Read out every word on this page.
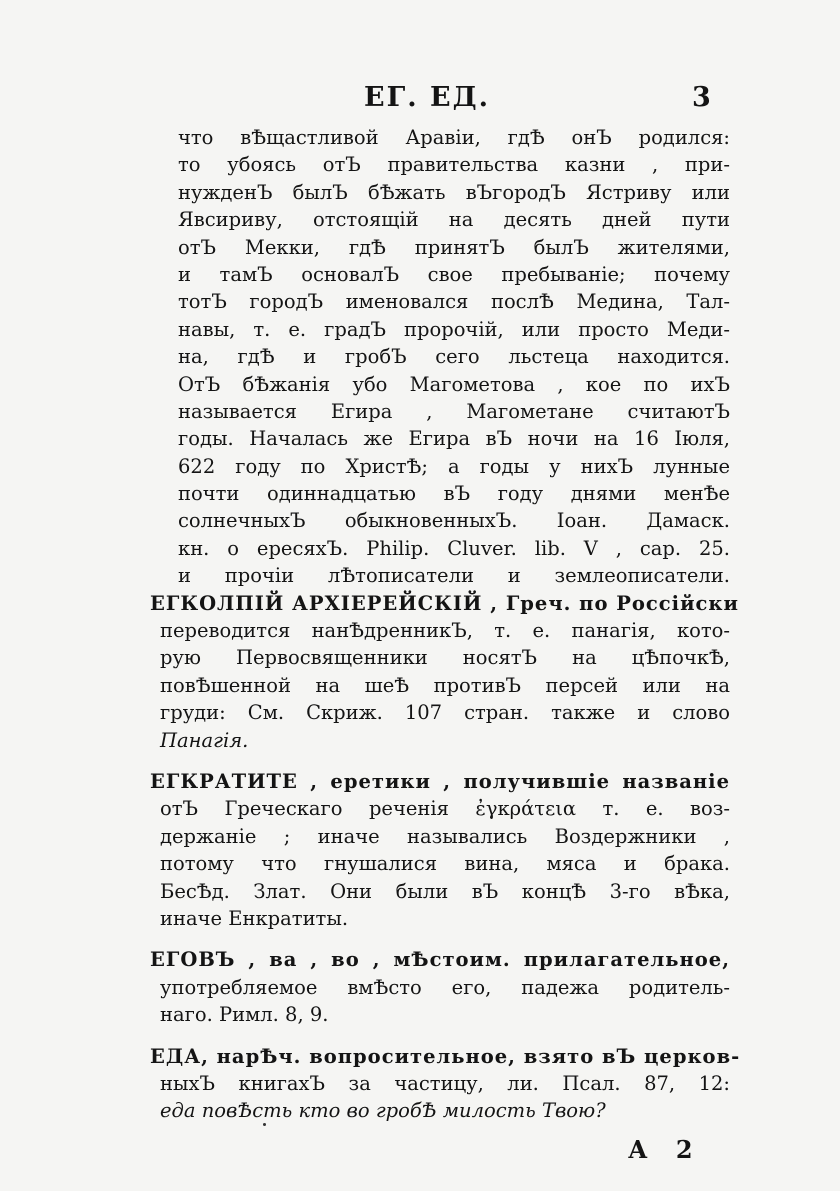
ЕГ. ЕД.	3
что вѢщастливой Аравіи, гдѢ онЪ родился:
то убоясь отЪ правительства казни , при-
нужденЪ былЪ бѢжать вЪгородЪ Ястриву или
Явсириву, отстоящій на десять дней пути
отЪ Мекки, гдѢ принятЪ былЪ жителями,
и тамЪ основалЪ свое пребываніе; почему
тотЪ городЪ именовался послѢ Медина, Тал-
навы, т. е. градЪ пророчій, или просто Меди-
на, гдѢ и гробЪ сего льстеца находится.
ОтЪ бѢжанія убо Магометова , кое по ихЪ
называется Егира , Магометане считаютЪ
годы. Началась же Егира вЪ ночи на 16 Іюля,
622 году по ХристѢ; а годы у нихЪ лунные
почти одиннадцатью вЪ году днями менѢе
солнечныхЪ обыкновенныхЪ. Іоан. Дамаск.
кн. о ересяхЪ. Philip. Cluver. lib. V , cap. 25.
и прочіи лѢтописатели и землеописатели.
ЕГКОЛПІЙ АРХІЕРЕЙСКІЙ , Греч. по Россійски
переводится нанѢдренникЪ, т. е. панагія, кото-
рую Первосвященники носятЪ на цѢпочкѢ,
повѢшенной на шеѢ противЪ персей или на
груди: См. Скриж. 107 стран. также и слово
Панагія.
ЕГКРАТИТЕ , еретики , получившіе названіе
отЪ Греческаго реченія ἐγκράτεια т. е. воз-
держаніе ; иначе назывались Воздержники ,
потому что гнушалися вина, мяса и брака.
БесѢд. Злат. Они были вЪ концѢ 3-го вѢка,
иначе Енкратиты.
ЕГОВЪ , ва , во , мѢстоим. прилагательное,
употребляемое вмѢсто его, падежа родитель-
наго. Римл. 8, 9.
ЕДА, нарѢч. вопросительное, взято вЪ церков-
ныхЪ книгахЪ за частицу, ли. Псал. 87, 12:
еда повѢсть кто во гробѢ милость Твою?
А 2
